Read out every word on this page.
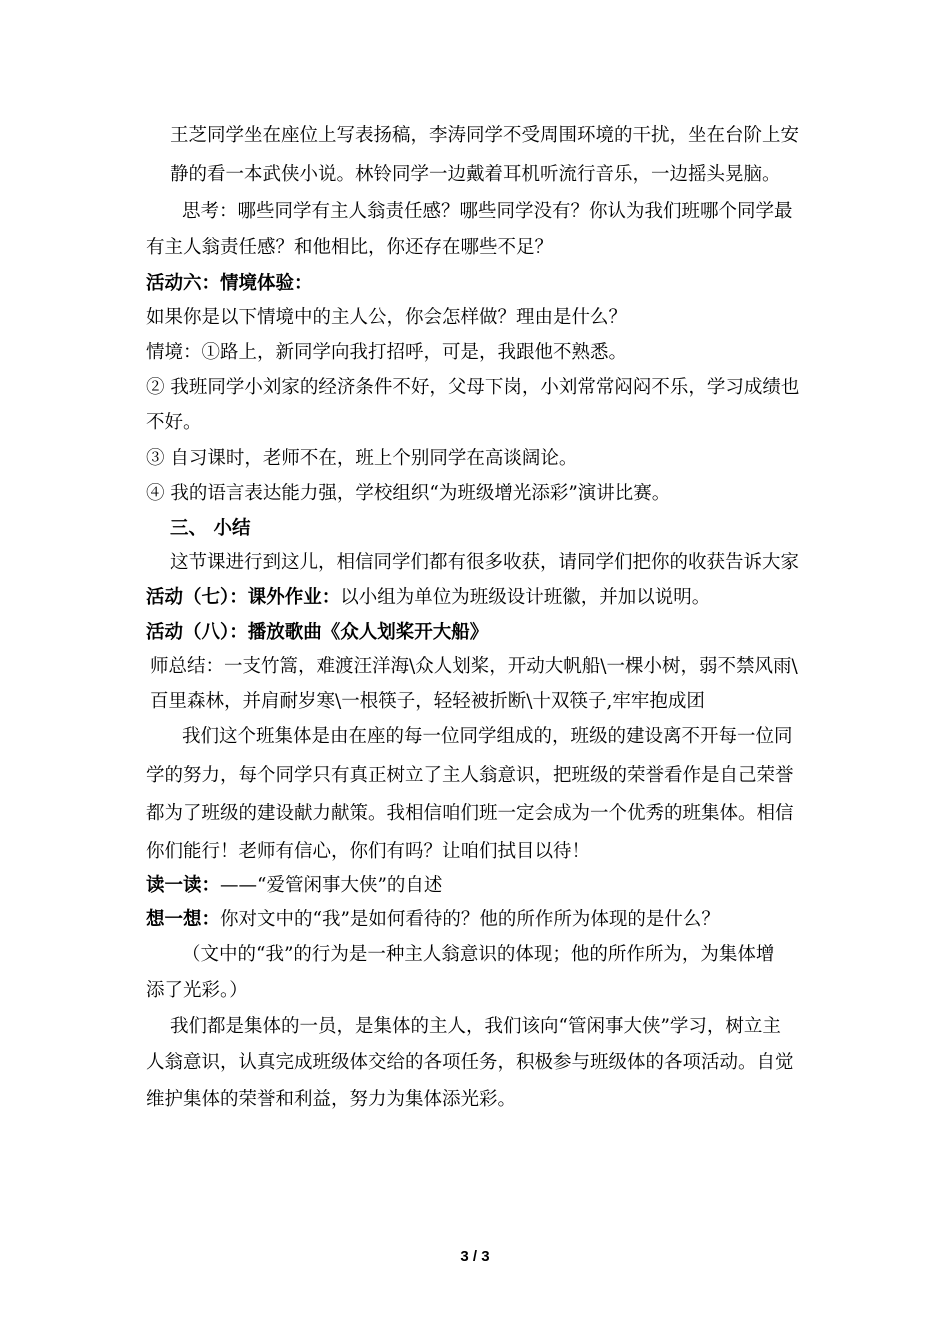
王芝同学坐在座位上写表扬稿，李涛同学不受周围环境的干扰，坐在台阶上安
静的看一本武侠小说。林铃同学一边戴着耳机听流行音乐，一边摇头晃脑。
思考：哪些同学有主人翁责任感？哪些同学没有？你认为我们班哪个同学最
有主人翁责任感？和他相比，你还存在哪些不足？
活动六：情境体验：
如果你是以下情境中的主人公，你会怎样做？理由是什么？
情境：①路上，新同学向我打招呼，可是，我跟他不熟悉。
② 我班同学小刘家的经济条件不好，父母下岗，小刘常常闷闷不乐，学习成绩也
不好。
③ 自习课时，老师不在，班上个别同学在高谈阔论。
④ 我的语言表达能力强，学校组织“为班级增光添彩”演讲比赛。
三、 小结
这节课进行到这儿，相信同学们都有很多收获，请同学们把你的收获告诉大家
活动（七）：课外作业：以小组为单位为班级设计班徽，并加以说明。
活动（八）：播放歌曲《众人划桨开大船》
师总结：一支竹篙，难渡汪洋海\众人划桨，开动大帆船\一棵小树，弱不禁风雨\
百里森林，并肩耐岁寒\一根筷子，轻轻被折断\十双筷子,牢牢抱成团
我们这个班集体是由在座的每一位同学组成的，班级的建设离不开每一位同
学的努力，每个同学只有真正树立了主人翁意识，把班级的荣誉看作是自己荣誉
都为了班级的建设献力献策。我相信咱们班一定会成为一个优秀的班集体。相信
你们能行！老师有信心，你们有吗？让咱们拭目以待！
读一读：——“爱管闲事大侠”的自述
想一想：你对文中的“我”是如何看待的？他的所作所为体现的是什么？
（文中的“我”的行为是一种主人翁意识的体现；他的所作所为，为集体增
添了光彩。）
我们都是集体的一员，是集体的主人，我们该向“管闲事大侠”学习，树立主
人翁意识，认真完成班级体交给的各项任务，积极参与班级体的各项活动。自觉
维护集体的荣誉和利益，努力为集体添光彩。
3 / 3
